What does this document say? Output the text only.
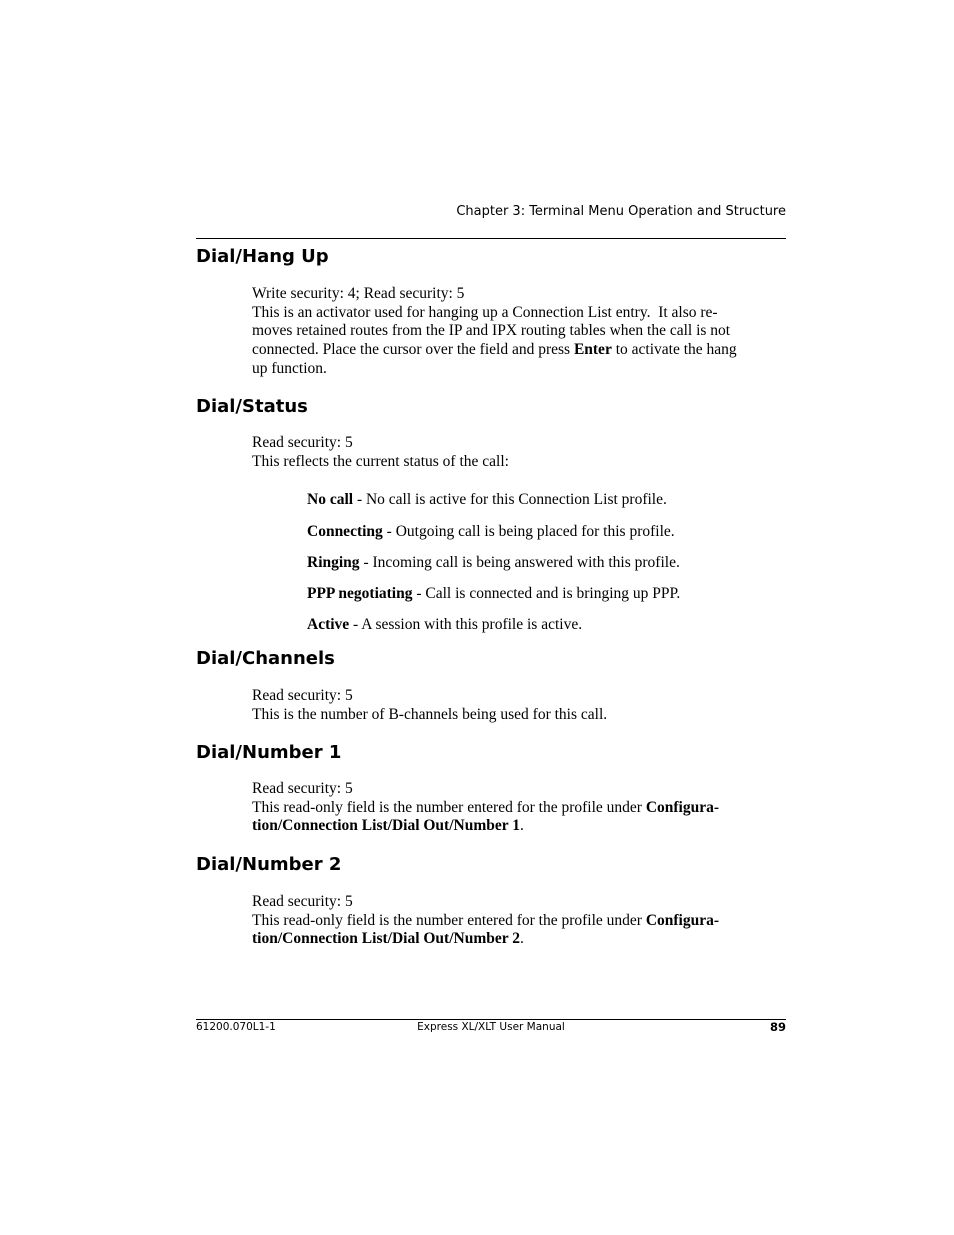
Chapter 3: Terminal Menu Operation and Structure
Dial/Hang Up

Write security: 4; Read security: 5

This is an activator used for hanging up a Connection List entry.  It also re-

moves retained routes from the IP and IPX routing tables when the call is not

connected. Place the cursor over the field and press Enter to activate the hang

up function.

Dial/Status

Read security: 5

This reflects the current status of the call:

No call - No call is active for this Connection List profile.
Connecting - Outgoing call is being placed for this profile.
Ringing - Incoming call is being answered with this profile.
PPP negotiating - Call is connected and is bringing up PPP.
Active - A session with this profile is active.
Dial/Channels

Read security: 5

This is the number of B-channels being used for this call.

Dial/Number 1

Read security: 5

This read-only field is the number entered for the profile under Configura-

tion/Connection List/Dial Out/Number 1.

Dial/Number 2

Read security: 5

This read-only field is the number entered for the profile under Configura-

tion/Connection List/Dial Out/Number 2.

61200.070L1-1	Express XL/XLT User Manual	89
